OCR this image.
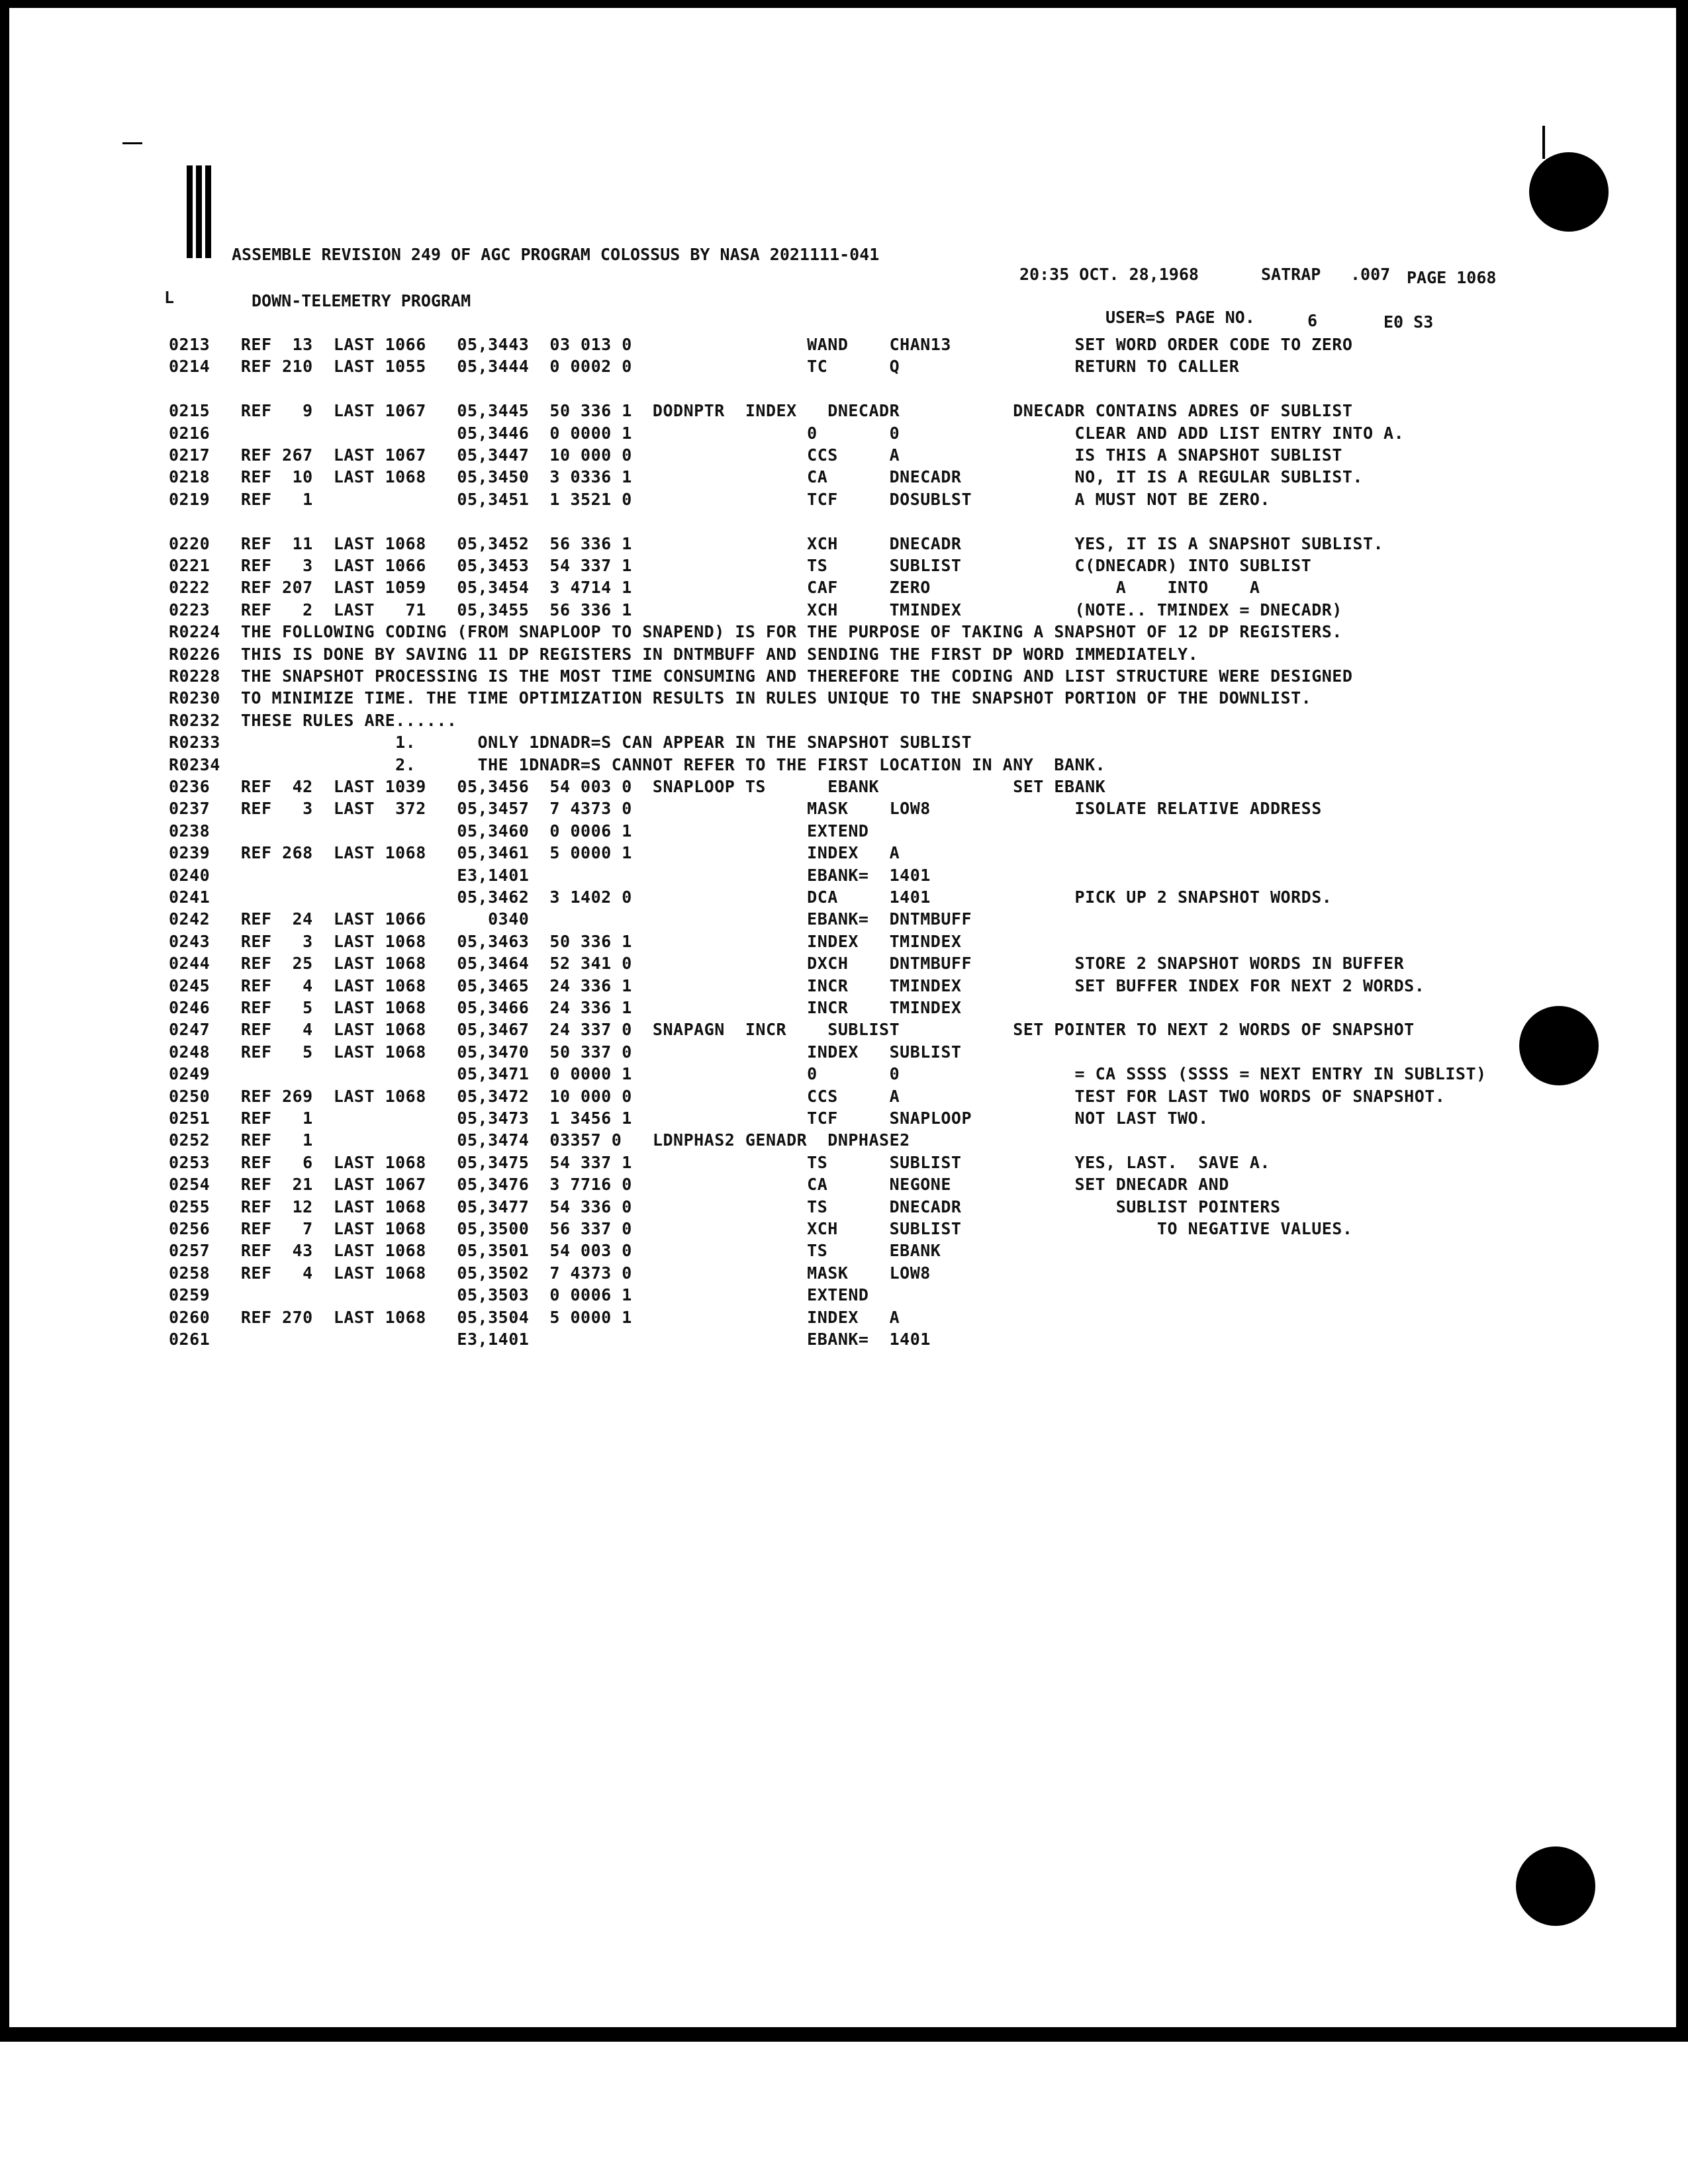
ASSEMBLE REVISION 249 OF AGC PROGRAM COLOSSUS BY NASA 2021111-041
20:35 OCT. 28,1968	SATRAP .007 PAGE 1068
L	DOWN-TELEMETRY PROGRAM
USER=S PAGE NO.	6	E0 S3
0213   REF  13  LAST 1066   05,3443  03 013 0                 WAND    CHAN13            SET WORD ORDER CODE TO ZERO
0214   REF 210  LAST 1055   05,3444  0 0002 0                 TC      Q                 RETURN TO CALLER
0215   REF   9  LAST 1067   05,3445  50 336 1  DODNPTR  INDEX   DNECADR           DNECADR CONTAINS ADRES OF SUBLIST
0216                        05,3446  0 0000 1                 0       0                 CLEAR AND ADD LIST ENTRY INTO A.
0217   REF 267  LAST 1067   05,3447  10 000 0                 CCS     A                 IS THIS A SNAPSHOT SUBLIST
0218   REF  10  LAST 1068   05,3450  3 0336 1                 CA      DNECADR           NO, IT IS A REGULAR SUBLIST.
0219   REF   1              05,3451  1 3521 0                 TCF     DOSUBLST          A MUST NOT BE ZERO.
0220   REF  11  LAST 1068   05,3452  56 336 1                 XCH     DNECADR           YES, IT IS A SNAPSHOT SUBLIST.
0221   REF   3  LAST 1066   05,3453  54 337 1                 TS      SUBLIST           C(DNECADR) INTO SUBLIST
0222   REF 207  LAST 1059   05,3454  3 4714 1                 CAF     ZERO                  A    INTO    A
0223   REF   2  LAST   71   05,3455  56 336 1                 XCH     TMINDEX           (NOTE.. TMINDEX = DNECADR)
R0224  THE FOLLOWING CODING (FROM SNAPLOOP TO SNAPEND) IS FOR THE PURPOSE OF TAKING A SNAPSHOT OF 12 DP REGISTERS.
R0226  THIS IS DONE BY SAVING 11 DP REGISTERS IN DNTMBUFF AND SENDING THE FIRST DP WORD IMMEDIATELY.
R0228  THE SNAPSHOT PROCESSING IS THE MOST TIME CONSUMING AND THEREFORE THE CODING AND LIST STRUCTURE WERE DESIGNED
R0230  TO MINIMIZE TIME. THE TIME OPTIMIZATION RESULTS IN RULES UNIQUE TO THE SNAPSHOT PORTION OF THE DOWNLIST.
R0232  THESE RULES ARE......
R0233                 1.      ONLY 1DNADR=S CAN APPEAR IN THE SNAPSHOT SUBLIST
R0234                 2.      THE 1DNADR=S CANNOT REFER TO THE FIRST LOCATION IN ANY  BANK.
0236   REF  42  LAST 1039   05,3456  54 003 0  SNAPLOOP TS      EBANK             SET EBANK
0237   REF   3  LAST  372   05,3457  7 4373 0                 MASK    LOW8              ISOLATE RELATIVE ADDRESS
0238                        05,3460  0 0006 1                 EXTEND
0239   REF 268  LAST 1068   05,3461  5 0000 1                 INDEX   A
0240                        E3,1401                           EBANK=  1401
0241                        05,3462  3 1402 0                 DCA     1401              PICK UP 2 SNAPSHOT WORDS.
0242   REF  24  LAST 1066      0340                           EBANK=  DNTMBUFF
0243   REF   3  LAST 1068   05,3463  50 336 1                 INDEX   TMINDEX
0244   REF  25  LAST 1068   05,3464  52 341 0                 DXCH    DNTMBUFF          STORE 2 SNAPSHOT WORDS IN BUFFER
0245   REF   4  LAST 1068   05,3465  24 336 1                 INCR    TMINDEX           SET BUFFER INDEX FOR NEXT 2 WORDS.
0246   REF   5  LAST 1068   05,3466  24 336 1                 INCR    TMINDEX
0247   REF   4  LAST 1068   05,3467  24 337 0  SNAPAGN  INCR    SUBLIST           SET POINTER TO NEXT 2 WORDS OF SNAPSHOT
0248   REF   5  LAST 1068   05,3470  50 337 0                 INDEX   SUBLIST
0249                        05,3471  0 0000 1                 0       0                 = CA SSSS (SSSS = NEXT ENTRY IN SUBLIST)
0250   REF 269  LAST 1068   05,3472  10 000 0                 CCS     A                 TEST FOR LAST TWO WORDS OF SNAPSHOT.
0251   REF   1              05,3473  1 3456 1                 TCF     SNAPLOOP          NOT LAST TWO.
0252   REF   1              05,3474  03357 0   LDNPHAS2 GENADR  DNPHASE2
0253   REF   6  LAST 1068   05,3475  54 337 1                 TS      SUBLIST           YES, LAST.  SAVE A.
0254   REF  21  LAST 1067   05,3476  3 7716 0                 CA      NEGONE            SET DNECADR AND
0255   REF  12  LAST 1068   05,3477  54 336 0                 TS      DNECADR               SUBLIST POINTERS
0256   REF   7  LAST 1068   05,3500  56 337 0                 XCH     SUBLIST                   TO NEGATIVE VALUES.
0257   REF  43  LAST 1068   05,3501  54 003 0                 TS      EBANK
0258   REF   4  LAST 1068   05,3502  7 4373 0                 MASK    LOW8
0259                        05,3503  0 0006 1                 EXTEND
0260   REF 270  LAST 1068   05,3504  5 0000 1                 INDEX   A
0261                        E3,1401                           EBANK=  1401
